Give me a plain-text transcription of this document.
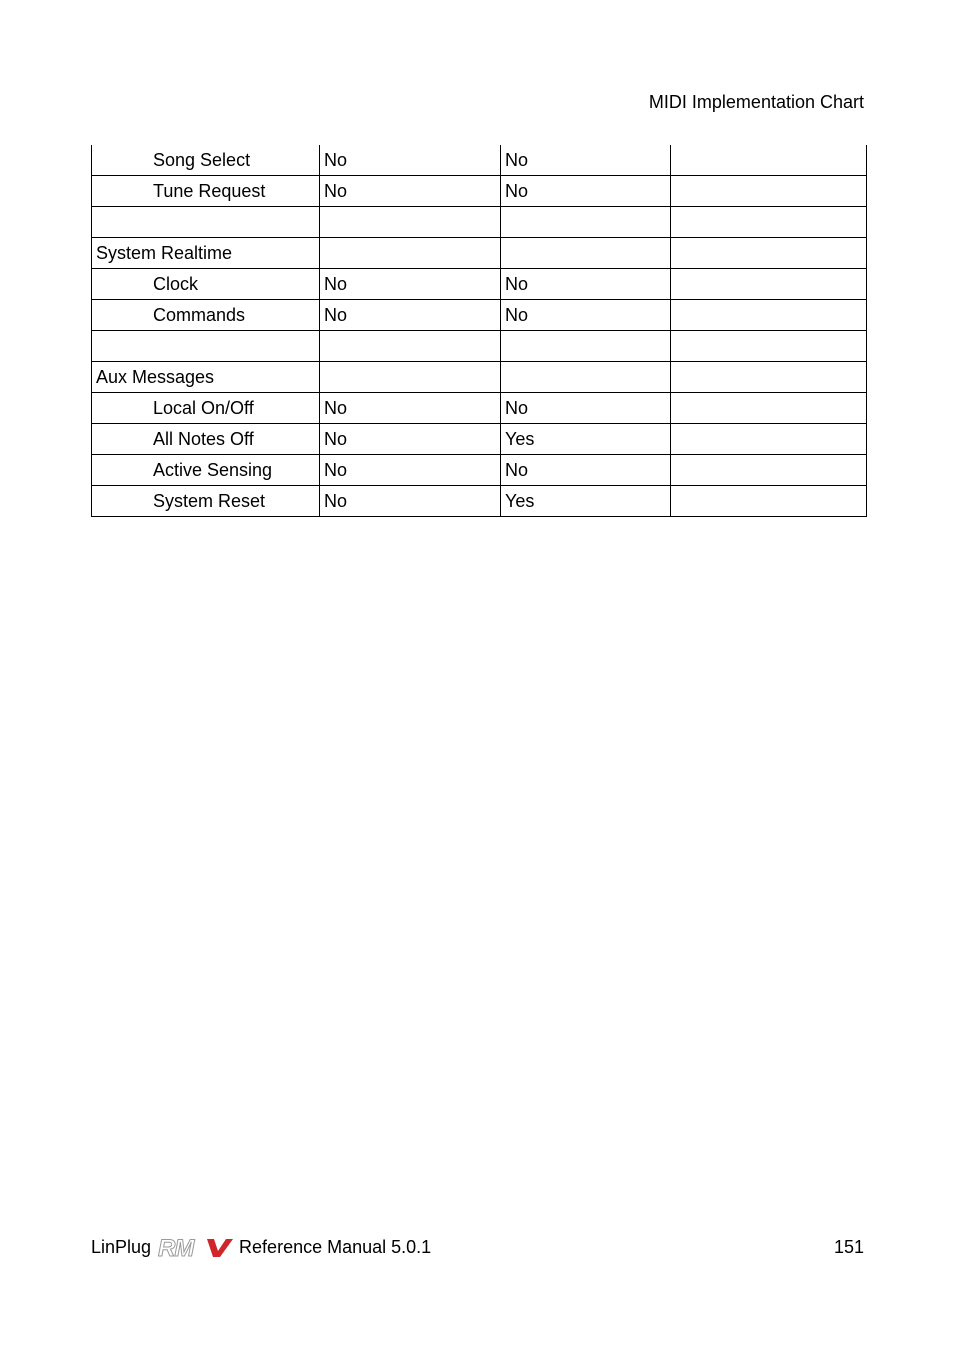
MIDI Implementation Chart
Song Select	No	No	
Tune Request	No	No	

System Realtime			
Clock	No	No	
Commands	No	No	

Aux Messages			
Local On/Off	No	No	
All Notes Off	No	Yes	
Active Sensing	No	No	
System Reset	No	Yes	
LinPlug RM	Reference Manual 5.0.1	151
